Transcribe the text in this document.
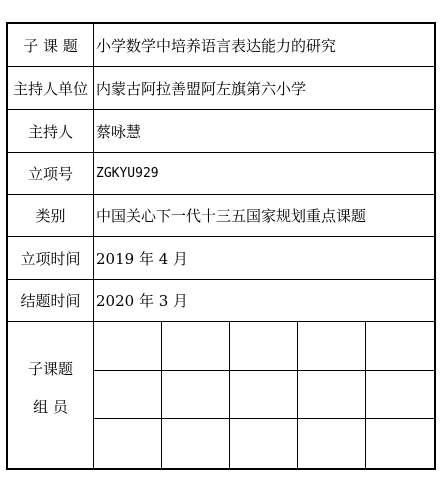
子 课 题	小学数学中培养语言表达能力的研究
主持人单位 内蒙古阿拉善盟阿左旗第六小学
主持人	蔡咏慧
立项号	ZGKYU929
类别	中国关心下一代十三五国家规划重点课题
立项时间	2019 年 4 月
结题时间	2020 年 3 月
子课题
组 员
